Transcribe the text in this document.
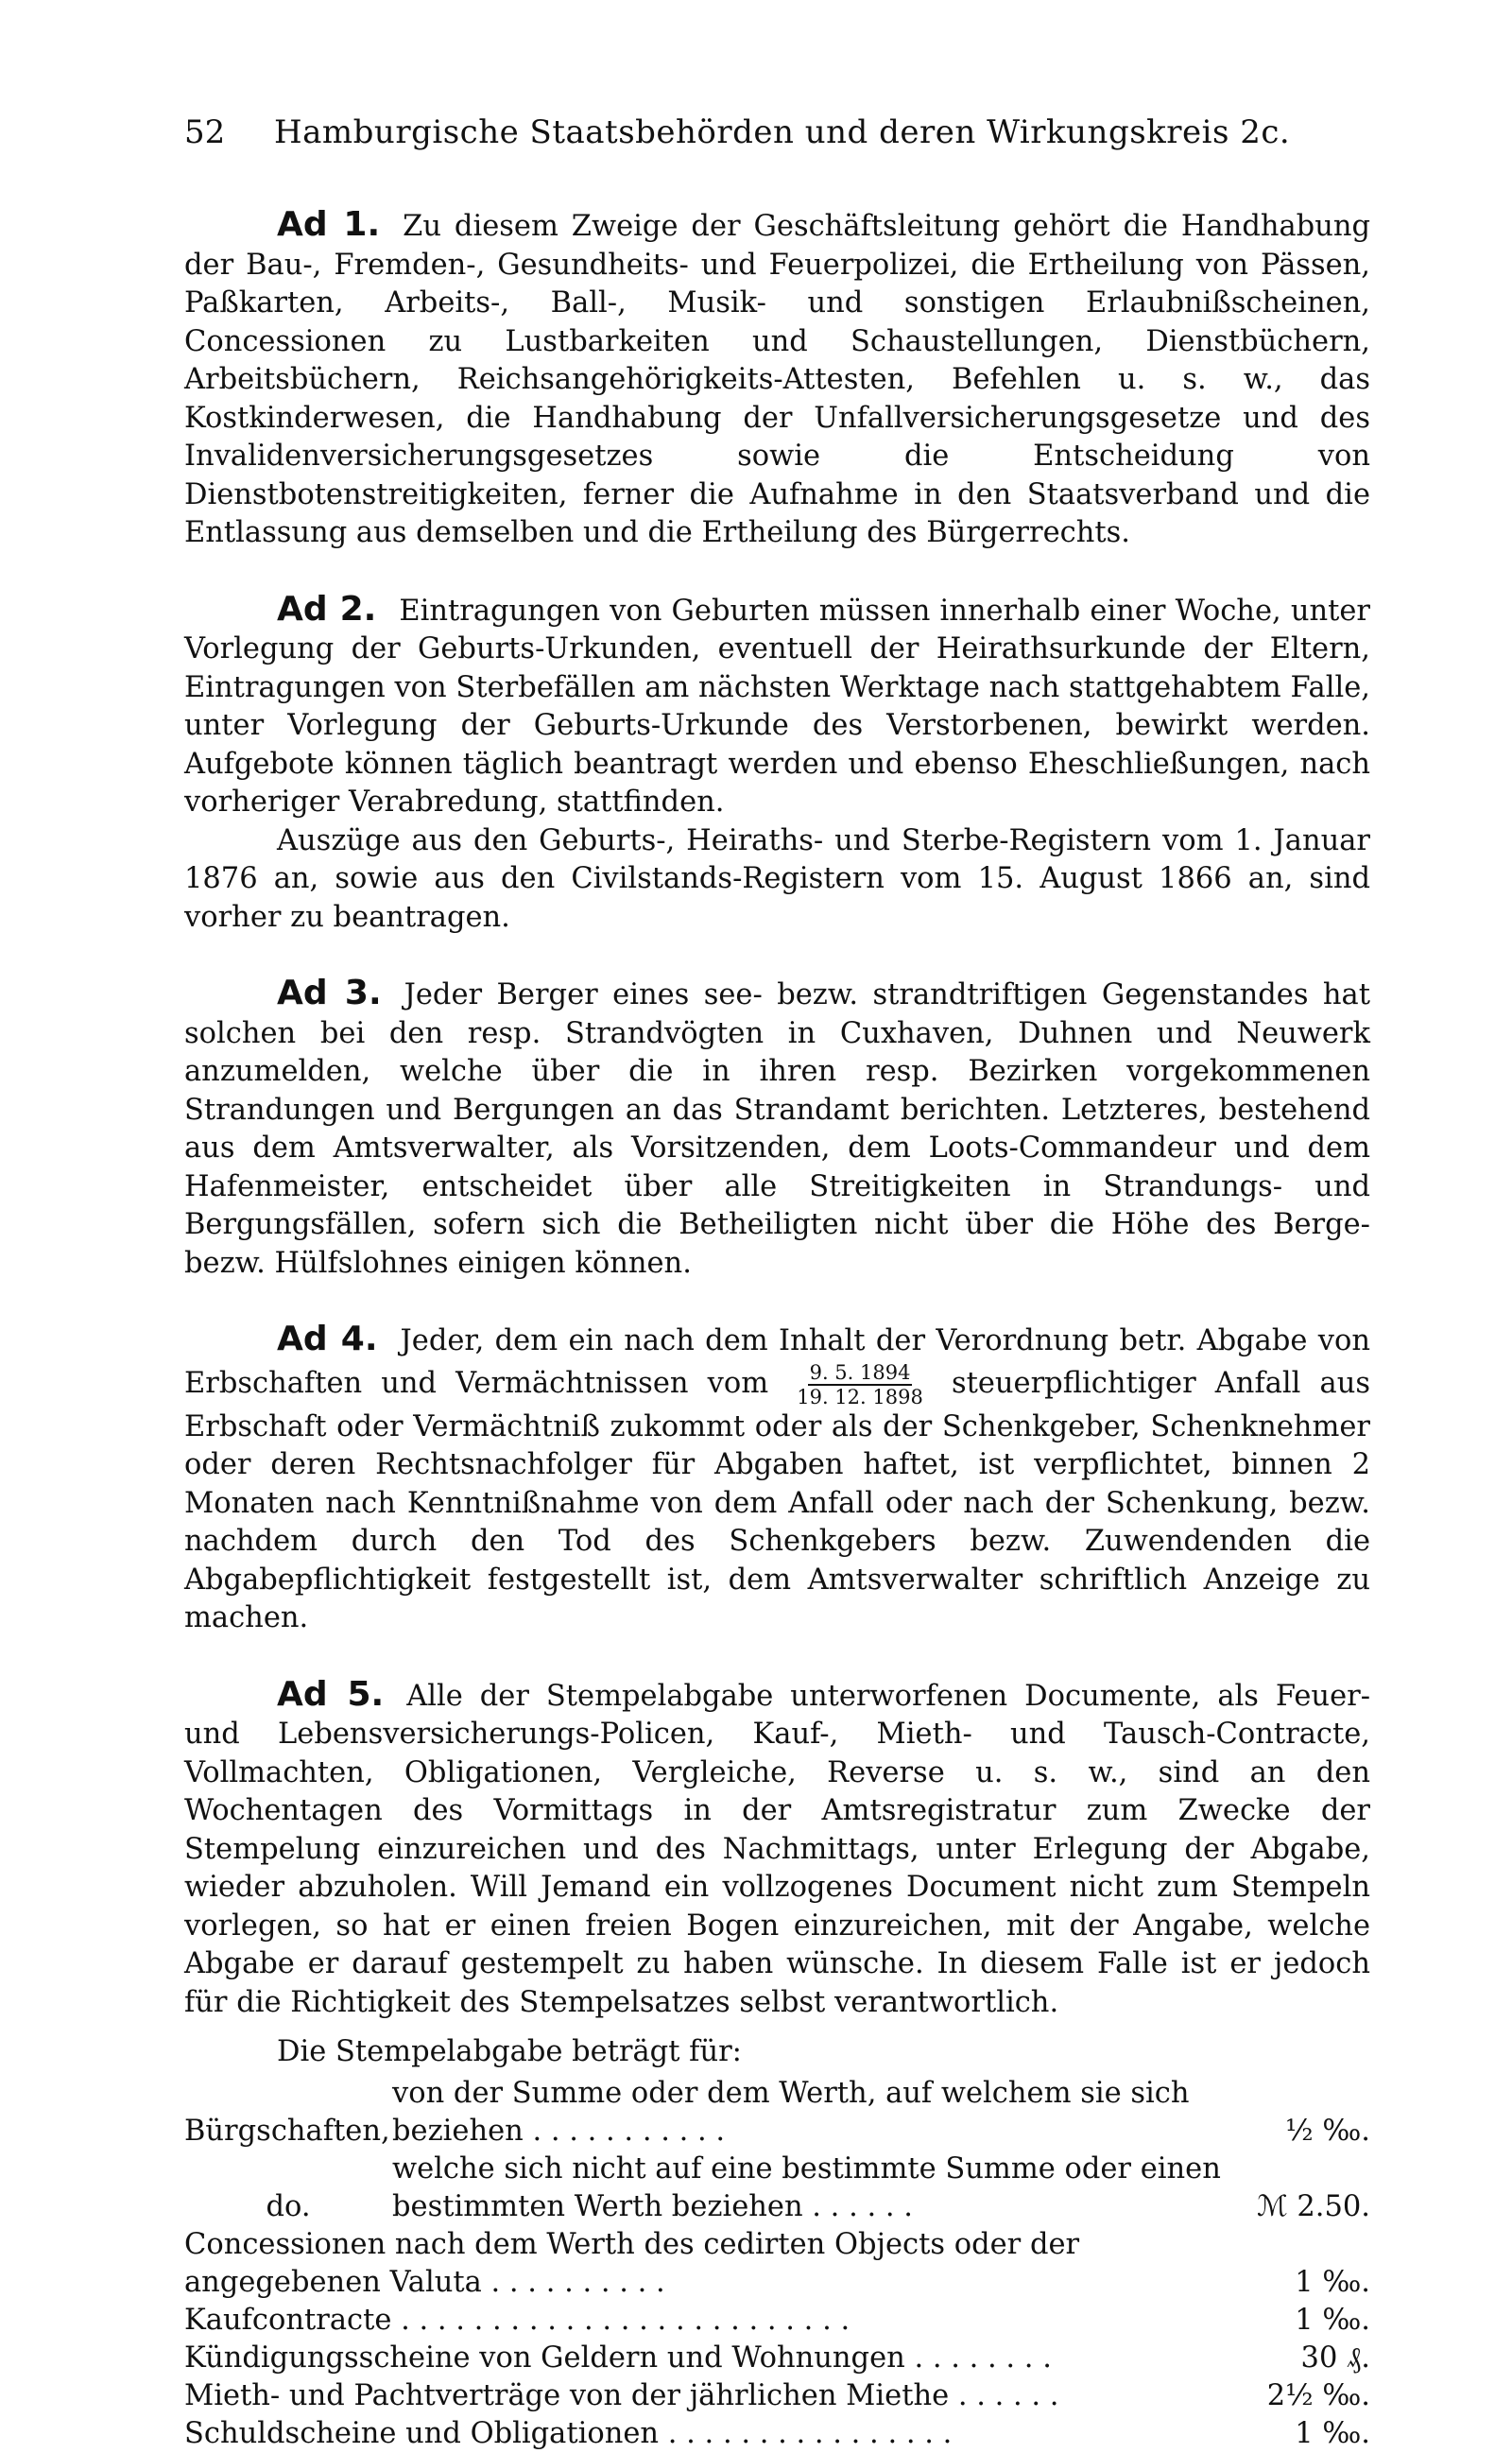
52	Hamburgische Staatsbehörden und deren Wirkungskreis 2c.

Ad 1. Zu diesem Zweige der Geschäftsleitung gehört die Handhabung der Bau-, Fremden-, Gesundheits- und Feuerpolizei, die Ertheilung von Pässen, Paßkarten, Arbeits-, Ball-, Musik- und sonstigen Erlaubnißscheinen, Concessionen zu Lustbarkeiten und Schaustellungen, Dienstbüchern, Arbeitsbüchern, Reichsangehörigkeits-Attesten, Befehlen u. s. w., das Kostkinderwesen, die Handhabung der Unfallversicherungsgesetze und des Invalidenversicherungsgesetzes sowie die Entscheidung von Dienstbotenstreitigkeiten, ferner die Aufnahme in den Staatsverband und die Entlassung aus demselben und die Ertheilung des Bürgerrechts.

Ad 2. Eintragungen von Geburten müssen innerhalb einer Woche, unter Vorlegung der Geburts-Urkunden, eventuell der Heirathsurkunde der Eltern, Eintragungen von Sterbefällen am nächsten Werktage nach stattgehabtem Falle, unter Vorlegung der Geburts-Urkunde des Verstorbenen, bewirkt werden. Aufgebote können täglich beantragt werden und ebenso Eheschließungen, nach vorheriger Verabredung, stattfinden.

Auszüge aus den Geburts-, Heiraths- und Sterbe-Registern vom 1. Januar 1876 an, sowie aus den Civilstands-Registern vom 15. August 1866 an, sind vorher zu beantragen.

Ad 3. Jeder Berger eines see- bezw. strandtriftigen Gegenstandes hat solchen bei den resp. Strandvögten in Cuxhaven, Duhnen und Neuwerk anzumelden, welche über die in ihren resp. Bezirken vorgekommenen Strandungen und Bergungen an das Strandamt berichten. Letzteres, bestehend aus dem Amtsverwalter, als Vorsitzenden, dem Loots-Commandeur und dem Hafenmeister, entscheidet über alle Streitigkeiten in Strandungs- und Bergungsfällen, sofern sich die Betheiligten nicht über die Höhe des Berge- bezw. Hülfslohnes einigen können.

Ad 4. Jeder, dem ein nach dem Inhalt der Verordnung betr. Abgabe von Erbschaften und Vermächtnissen vom $\frac{9. 5. 1894}{19. 12. 1898}$ steuerpflichtiger Anfall aus Erbschaft oder Vermächtniß zukommt oder als der Schenkgeber, Schenknehmer oder deren Rechtsnachfolger für Abgaben haftet, ist verpflichtet, binnen 2 Monaten nach Kenntnißnahme von dem Anfall oder nach der Schenkung, bezw. nachdem durch den Tod des Schenkgebers bezw. Zuwendenden die Abgabepflichtigkeit festgestellt ist, dem Amtsverwalter schriftlich Anzeige zu machen.

Ad 5. Alle der Stempelabgabe unterworfenen Documente, als Feuer- und Lebensversicherungs-Policen, Kauf-, Mieth- und Tausch-Contracte, Vollmachten, Obligationen, Vergleiche, Reverse u. s. w., sind an den Wochentagen des Vormittags in der Amtsregistratur zum Zwecke der Stempelung einzureichen und des Nachmittags, unter Erlegung der Abgabe, wieder abzuholen. Will Jemand ein vollzogenes Document nicht zum Stempeln vorlegen, so hat er einen freien Bogen einzureichen, mit der Angabe, welche Abgabe er darauf gestempelt zu haben wünsche. In diesem Falle ist er jedoch für die Richtigkeit des Stempelsatzes selbst verantwortlich.

Die Stempelabgabe beträgt für:
Bürgschaften,	von der Summe oder dem Werth, auf welchem sie sich beziehen . . . . . . . . . . .	½ ‰.
do.	welche sich nicht auf eine bestimmte Summe oder einen bestimmten Werth beziehen . . . . . .	ℳ 2.50.
Concessionen nach dem Werth des cedirten Objects oder der angegebenen Valuta . . . . . . . . . .		1 ‰.
Kaufcontracte . . . . . . . . . . . . . . . . . . . . . . . . .		1 ‰.
Kündigungsscheine von Geldern und Wohnungen . . . . . . . .		30 ₰.
Mieth- und Pachtverträge von der jährlichen Miethe . . . . . .		2½ ‰.
Schuldscheine und Obligationen . . . . . . . . . . . . . . . .		1 ‰.
